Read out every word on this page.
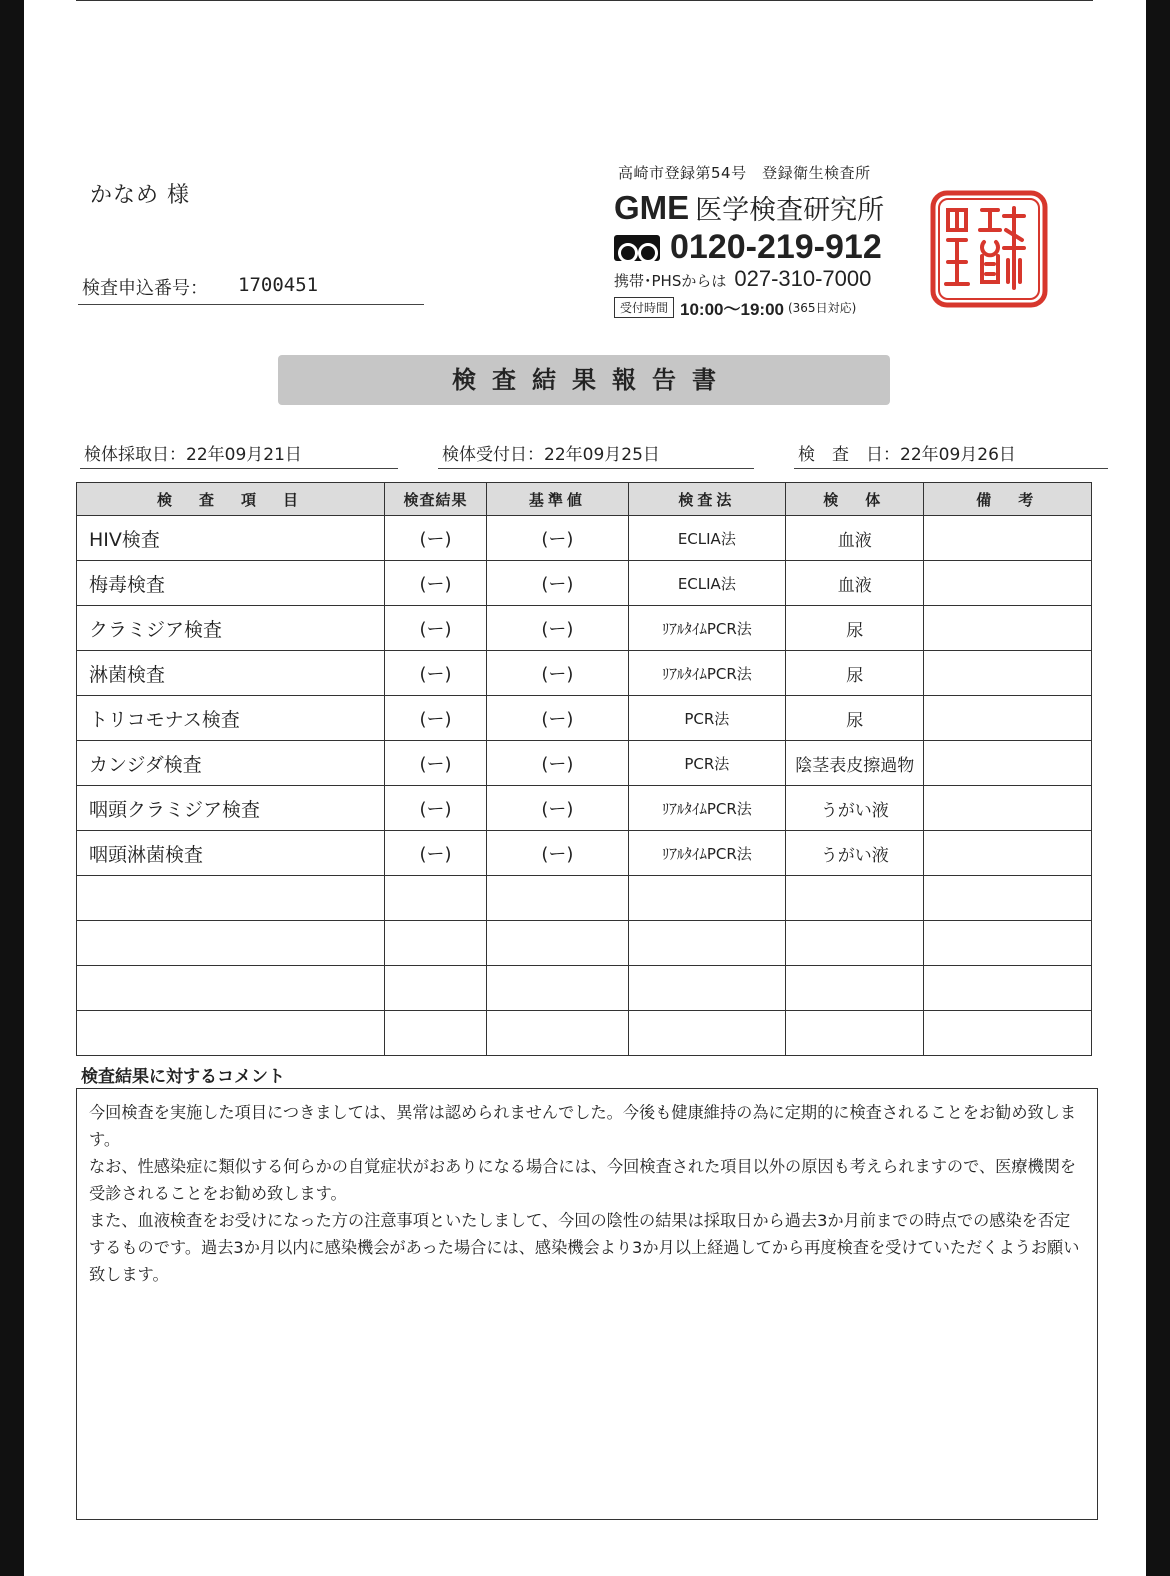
かなめ 様
検査申込番号： 1700451
高崎市登録第54号　登録衛生検査所
GME 医学検査研究所
0120-219-912
携帯･PHSからは 027-310-7000
受付時間 10:00〜19:00 (365日対応)
検査結果報告書
検体採取日：22年09月21日	検体受付日：22年09月25日	検　査　日：22年09月26日
検　査　項　目	検査結果	基準値	検査法	検　体	備　考
HIV検査	(ー)	(ー)	ECLIA法	血液	
梅毒検査	(ー)	(ー)	ECLIA法	血液	
クラミジア検査	(ー)	(ー)	ﾘｱﾙﾀｲﾑPCR法	尿	
淋菌検査	(ー)	(ー)	ﾘｱﾙﾀｲﾑPCR法	尿	
トリコモナス検査	(ー)	(ー)	PCR法	尿	
カンジダ検査	(ー)	(ー)	PCR法	陰茎表皮擦過物	
咽頭クラミジア検査	(ー)	(ー)	ﾘｱﾙﾀｲﾑPCR法	うがい液	
咽頭淋菌検査	(ー)	(ー)	ﾘｱﾙﾀｲﾑPCR法	うがい液	

検査結果に対するコメント

今回検査を実施した項目につきましては、異常は認められませんでした。今後も健康維持の為に定期的に検査されることをお勧め致します。

なお、性感染症に類似する何らかの自覚症状がおありになる場合には、今回検査された項目以外の原因も考えられますので、医療機関を受診されることをお勧め致します。

また、血液検査をお受けになった方の注意事項といたしまして、今回の陰性の結果は採取日から過去3か月前までの時点での感染を否定するものです。過去3か月以内に感染機会があった場合には、感染機会より3か月以上経過してから再度検査を受けていただくようお願い致します。
